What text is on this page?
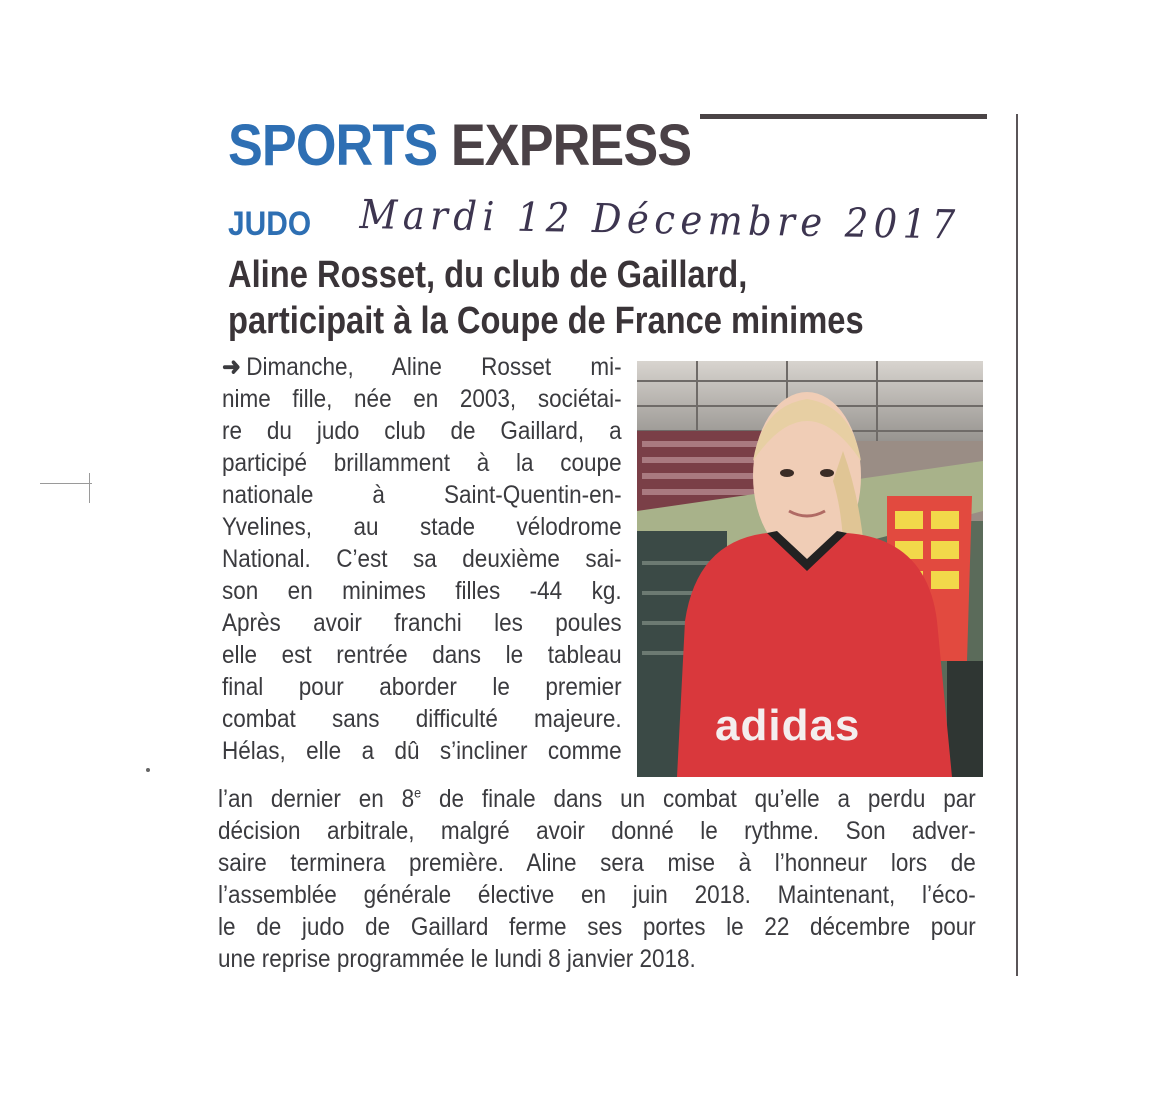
SPORTS EXPRESS
JUDO Mardi 12 Décembre 2017
Aline Rosset, du club de Gaillard,
participait à la Coupe de France minimes
➜ Dimanche, Aline Rosset mi-
nime fille, née en 2003, sociétai-
re du judo club de Gaillard, a
participé brillamment à la coupe
nationale à Saint-Quentin-en-
Yvelines, au stade vélodrome
National. C’est sa deuxième sai-
son en minimes filles -44 kg.
Après avoir franchi les poules
elle est rentrée dans le tableau
final pour aborder le premier
combat sans difficulté majeure.
Hélas, elle a dû s’incliner comme
l’an dernier en 8e de finale dans un combat qu’elle a perdu par
décision arbitrale, malgré avoir donné le rythme. Son adver-
saire terminera première. Aline sera mise à l’honneur lors de
l’assemblée générale élective en juin 2018. Maintenant, l’éco-
le de judo de Gaillard ferme ses portes le 22 décembre pour
une reprise programmée le lundi 8 janvier 2018.
adidas
